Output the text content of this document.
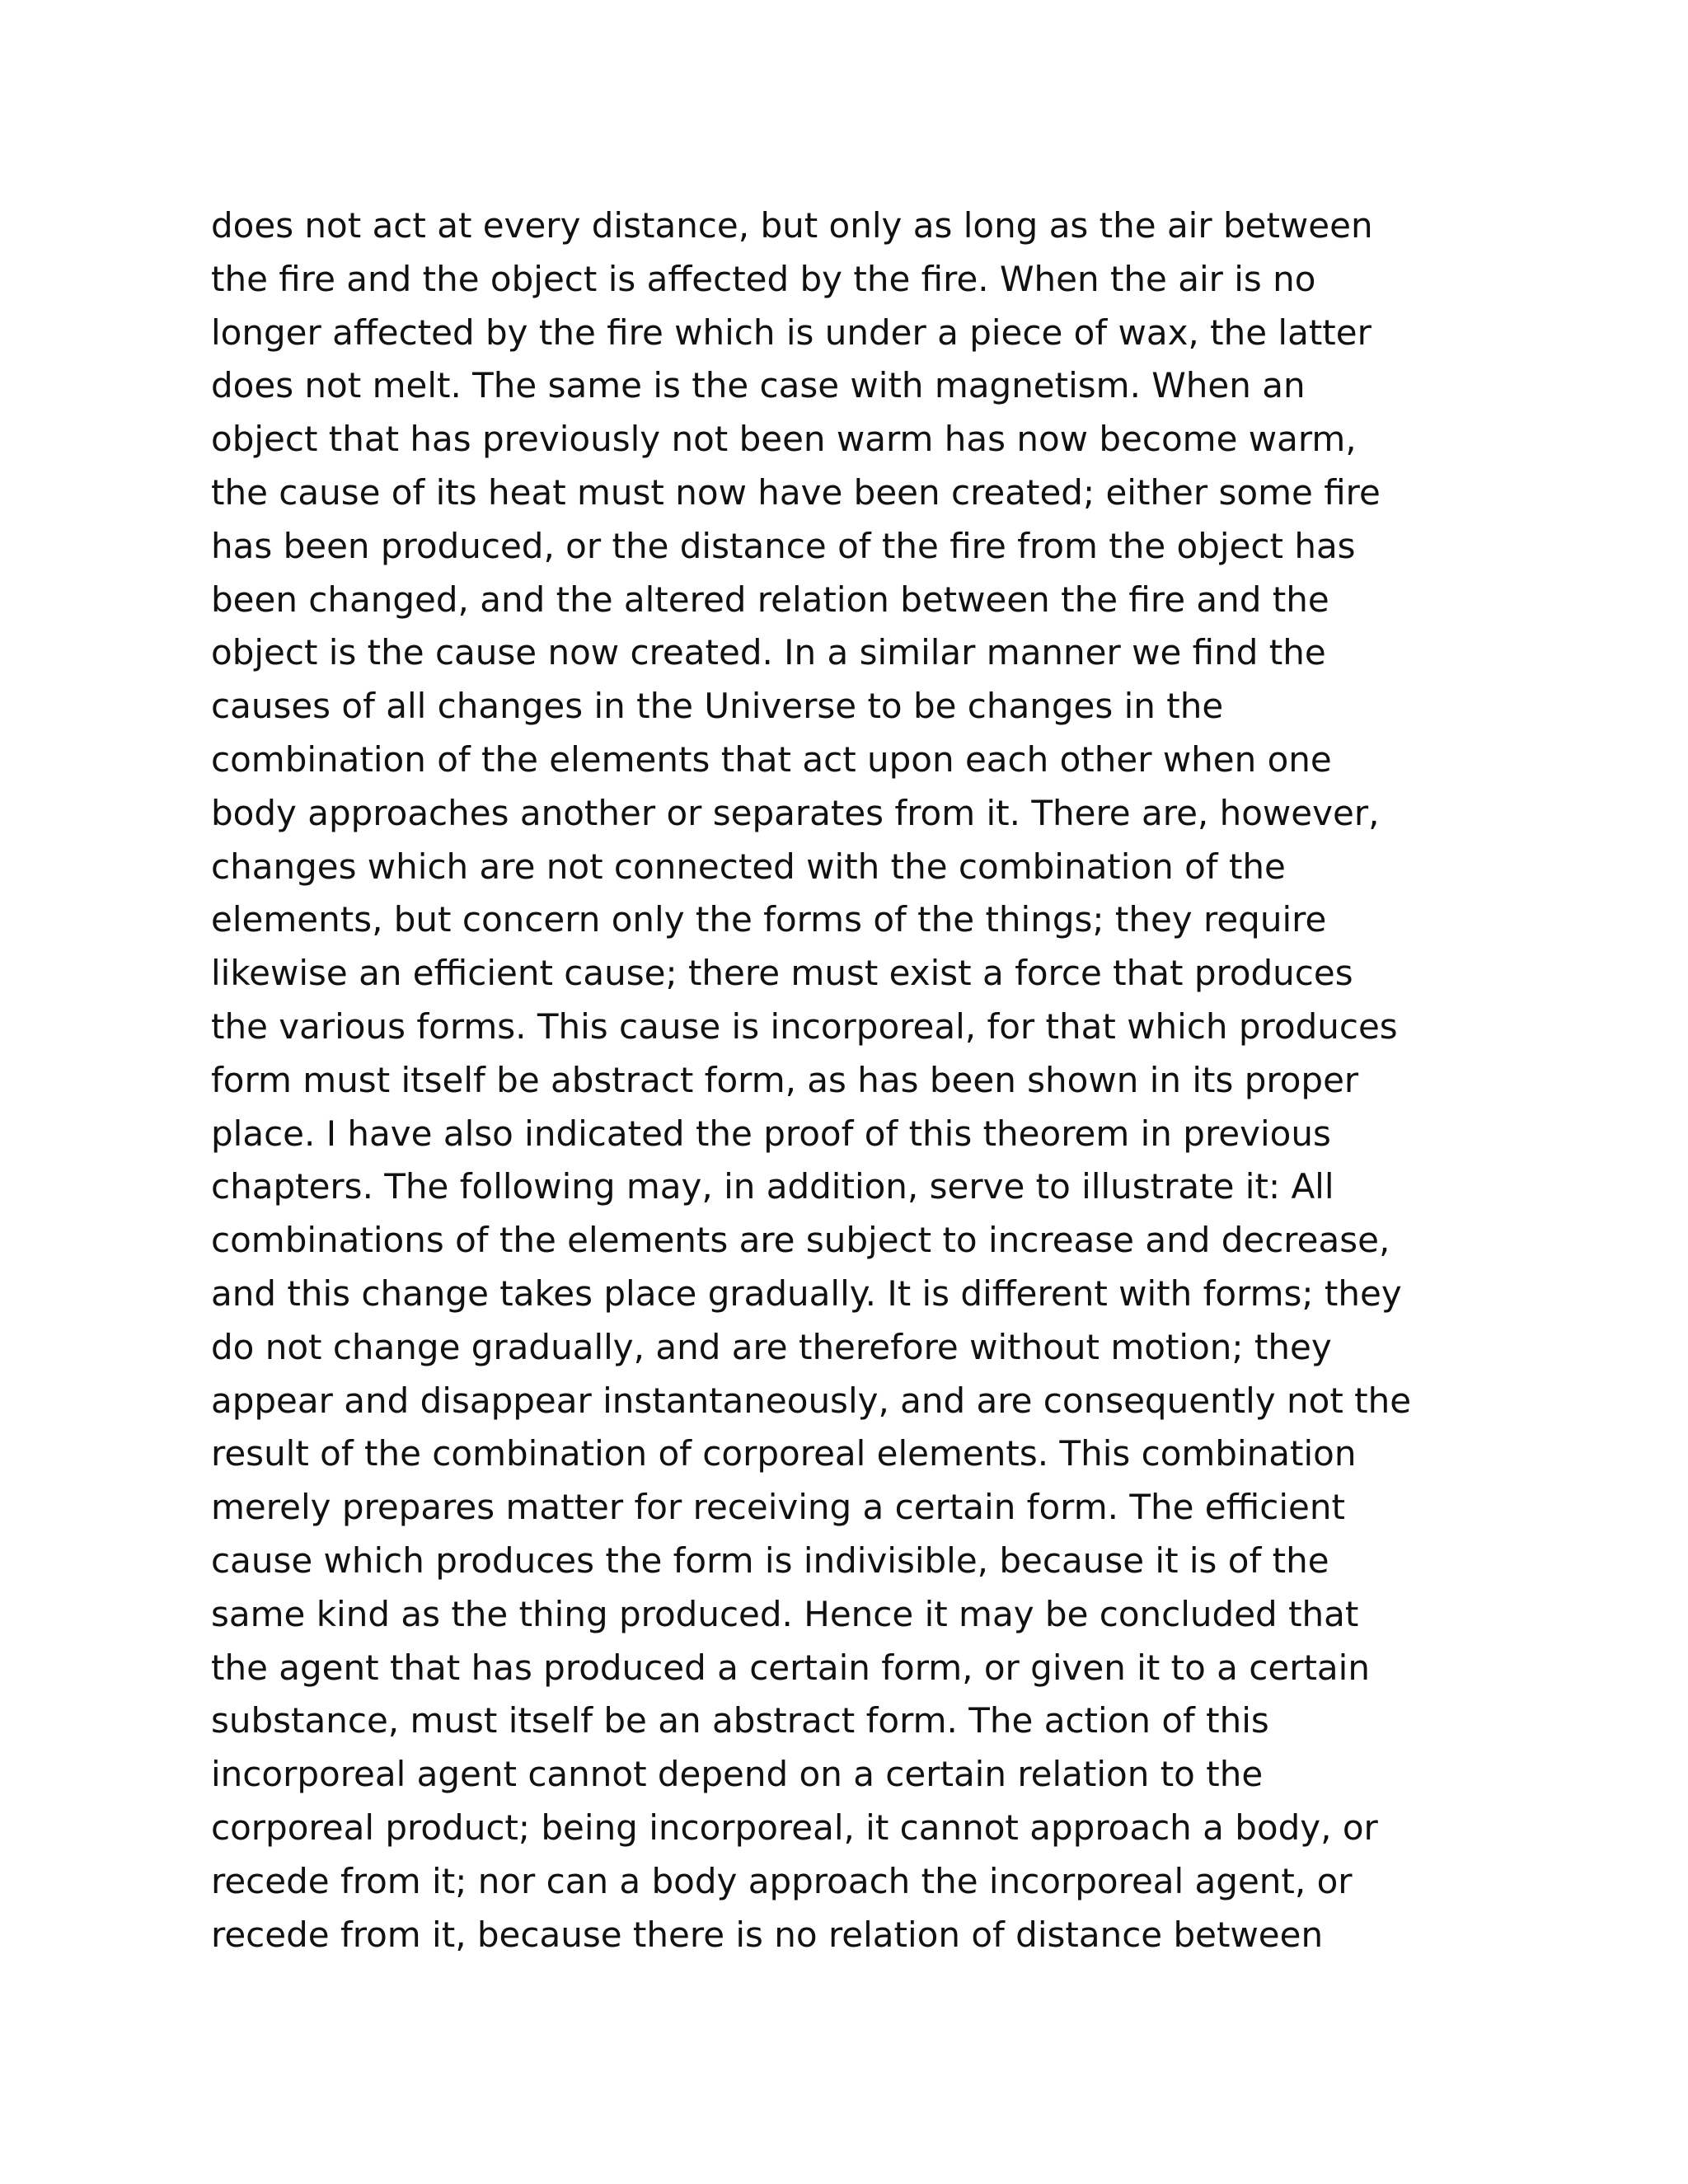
does not act at every distance, but only as long as the air between
the fire and the object is affected by the fire. When the air is no
longer affected by the fire which is under a piece of wax, the latter
does not melt. The same is the case with magnetism. When an
object that has previously not been warm has now become warm,
the cause of its heat must now have been created; either some fire
has been produced, or the distance of the fire from the object has
been changed, and the altered relation between the fire and the
object is the cause now created. In a similar manner we find the
causes of all changes in the Universe to be changes in the
combination of the elements that act upon each other when one
body approaches another or separates from it. There are, however,
changes which are not connected with the combination of the
elements, but concern only the forms of the things; they require
likewise an efficient cause; there must exist a force that produces
the various forms. This cause is incorporeal, for that which produces
form must itself be abstract form, as has been shown in its proper
place. I have also indicated the proof of this theorem in previous
chapters. The following may, in addition, serve to illustrate it: All
combinations of the elements are subject to increase and decrease,
and this change takes place gradually. It is different with forms; they
do not change gradually, and are therefore without motion; they
appear and disappear instantaneously, and are consequently not the
result of the combination of corporeal elements. This combination
merely prepares matter for receiving a certain form. The efficient
cause which produces the form is indivisible, because it is of the
same kind as the thing produced. Hence it may be concluded that
the agent that has produced a certain form, or given it to a certain
substance, must itself be an abstract form. The action of this
incorporeal agent cannot depend on a certain relation to the
corporeal product; being incorporeal, it cannot approach a body, or
recede from it; nor can a body approach the incorporeal agent, or
recede from it, because there is no relation of distance between
